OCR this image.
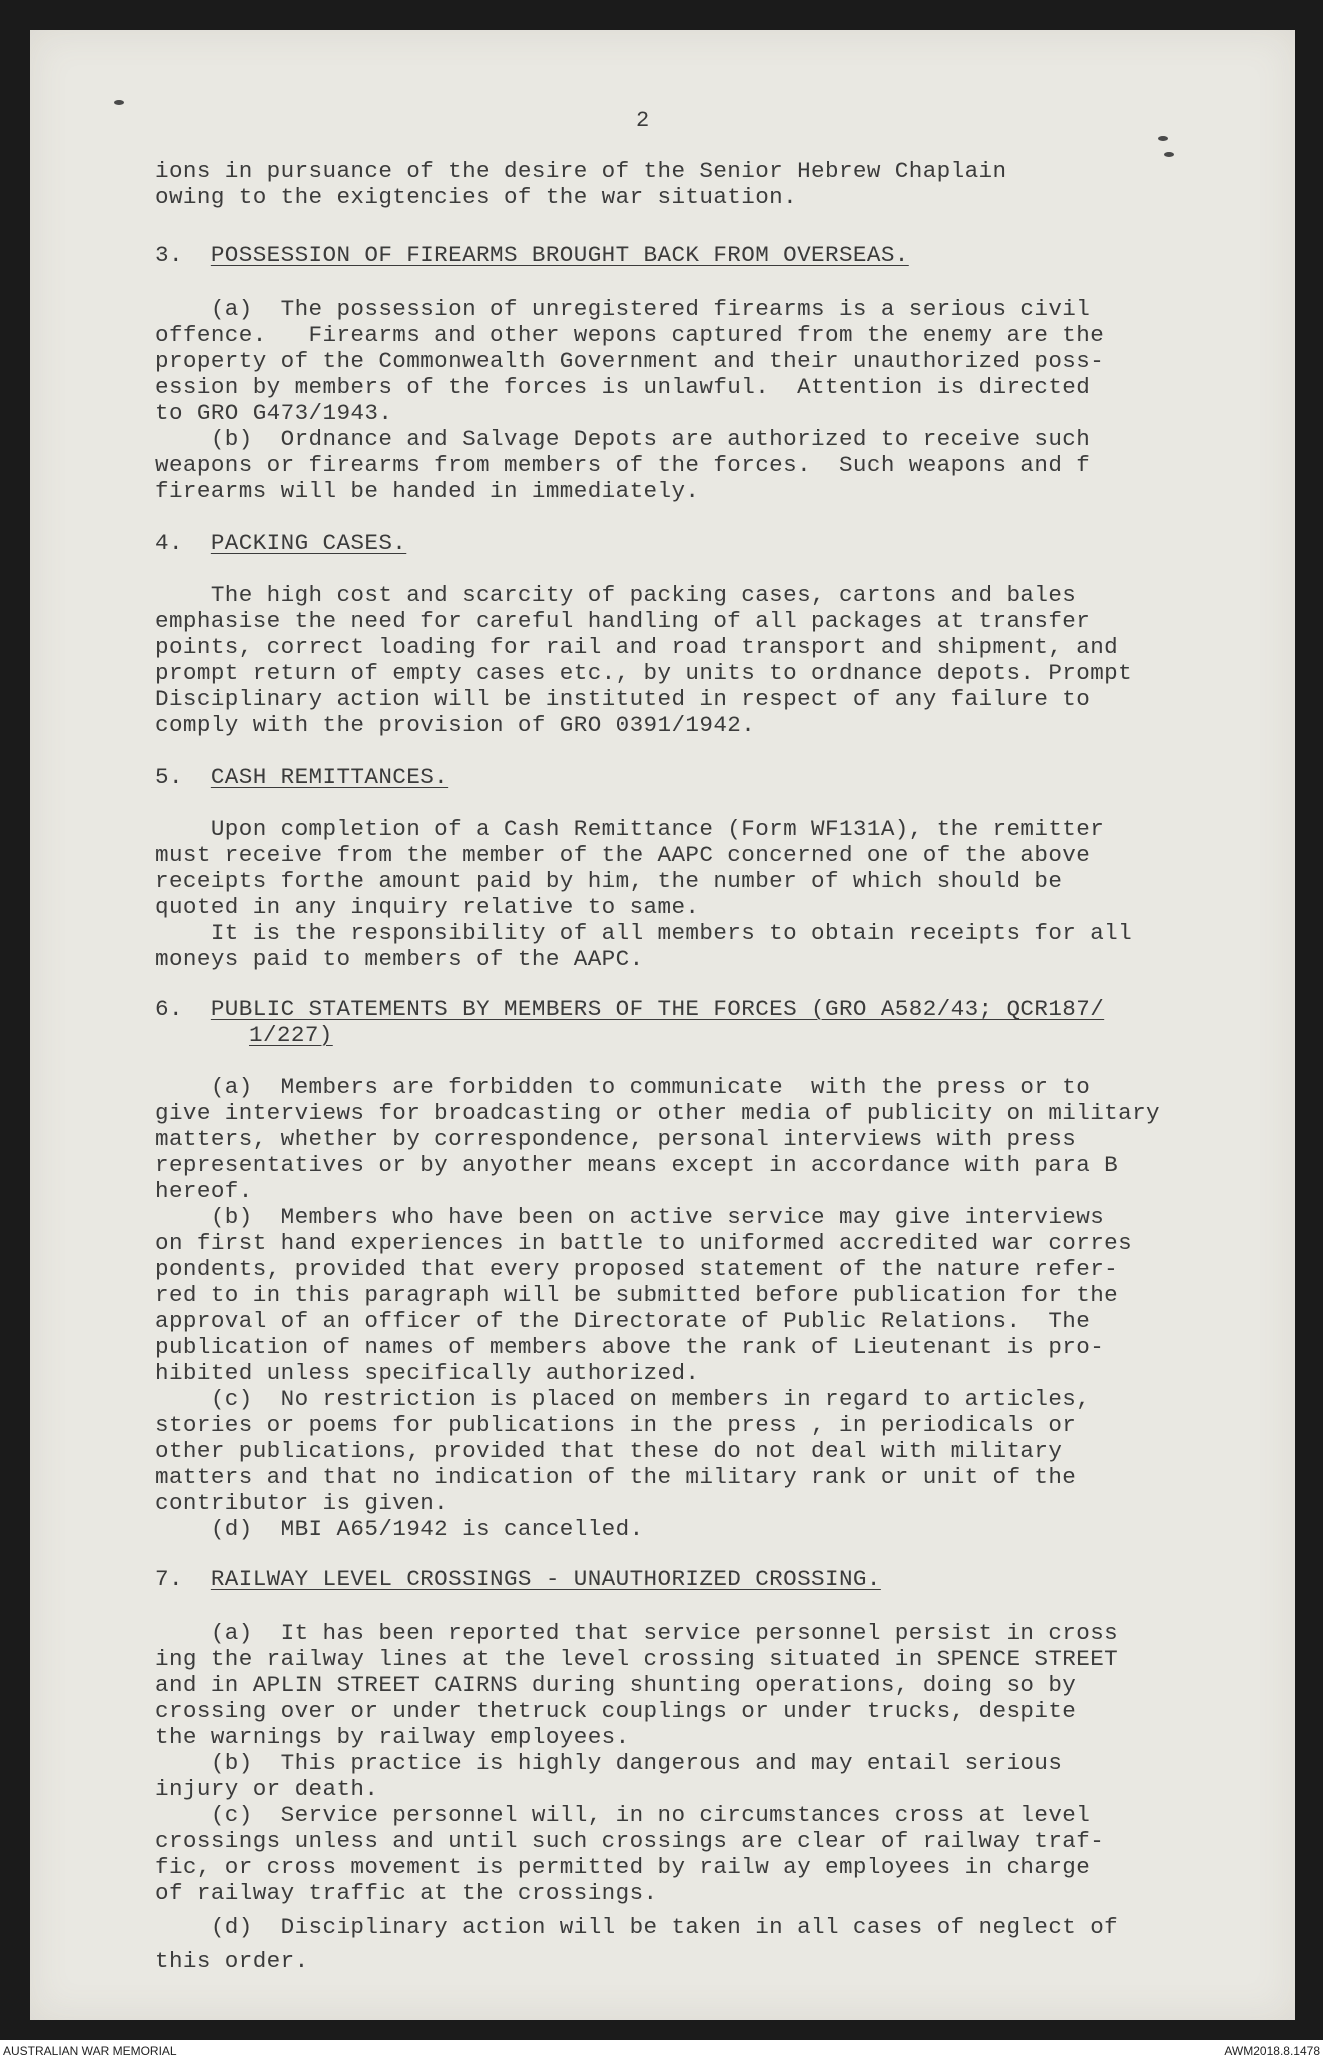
2
ions in pursuance of the desire of the Senior Hebrew Chaplain
owing to the exigtencies of the war situation.
3. POSSESSION OF FIREARMS BROUGHT BACK FROM OVERSEAS.
(a)  The possession of unregistered firearms is a serious civil
offence.   Firearms and other wepons captured from the enemy are the
property of the Commonwealth Government and their unauthorized poss-
ession by members of the forces is unlawful.  Attention is directed
to GRO G473/1943.
(b)  Ordnance and Salvage Depots are authorized to receive such
weapons or firearms from members of the forces.  Such weapons and f
firearms will be handed in immediately.
4. PACKING CASES.
The high cost and scarcity of packing cases, cartons and bales
emphasise the need for careful handling of all packages at transfer
points, correct loading for rail and road transport and shipment, and
prompt return of empty cases etc., by units to ordnance depots. Prompt
Disciplinary action will be instituted in respect of any failure to
comply with the provision of GRO 0391/1942.
5. CASH REMITTANCES.
Upon completion of a Cash Remittance (Form WF131A), the remitter
must receive from the member of the AAPC concerned one of the above
receipts forthe amount paid by him, the number of which should be
quoted in any inquiry relative to same.
It is the responsibility of all members to obtain receipts for all
moneys paid to members of the AAPC.
6. PUBLIC STATEMENTS BY MEMBERS OF THE FORCES (GRO A582/43; QCR187/
1/227)
(a)  Members are forbidden to communicate  with the press or to
give interviews for broadcasting or other media of publicity on military
matters, whether by correspondence, personal interviews with press
representatives or by anyother means except in accordance with para B
hereof.
(b)  Members who have been on active service may give interviews
on first hand experiences in battle to uniformed accredited war corres
pondents, provided that every proposed statement of the nature refer-
red to in this paragraph will be submitted before publication for the
approval of an officer of the Directorate of Public Relations.  The
publication of names of members above the rank of Lieutenant is pro-
hibited unless specifically authorized.
(c)  No restriction is placed on members in regard to articles,
stories or poems for publications in the press , in periodicals or
other publications, provided that these do not deal with military
matters and that no indication of the military rank or unit of the
contributor is given.
(d)  MBI A65/1942 is cancelled.
7. RAILWAY LEVEL CROSSINGS - UNAUTHORIZED CROSSING.
(a)  It has been reported that service personnel persist in cross
ing the railway lines at the level crossing situated in SPENCE STREET
and in APLIN STREET CAIRNS during shunting operations, doing so by
crossing over or under thetruck couplings or under trucks, despite
the warnings by railway employees.
(b)  This practice is highly dangerous and may entail serious
injury or death.
(c)  Service personnel will, in no circumstances cross at level
crossings unless and until such crossings are clear of railway traf-
fic, or cross movement is permitted by railw ay employees in charge
of railway traffic at the crossings.
(d)  Disciplinary action will be taken in all cases of neglect of
this order.
AUSTRALIAN WAR MEMORIAL	AWM2018.8.1478
